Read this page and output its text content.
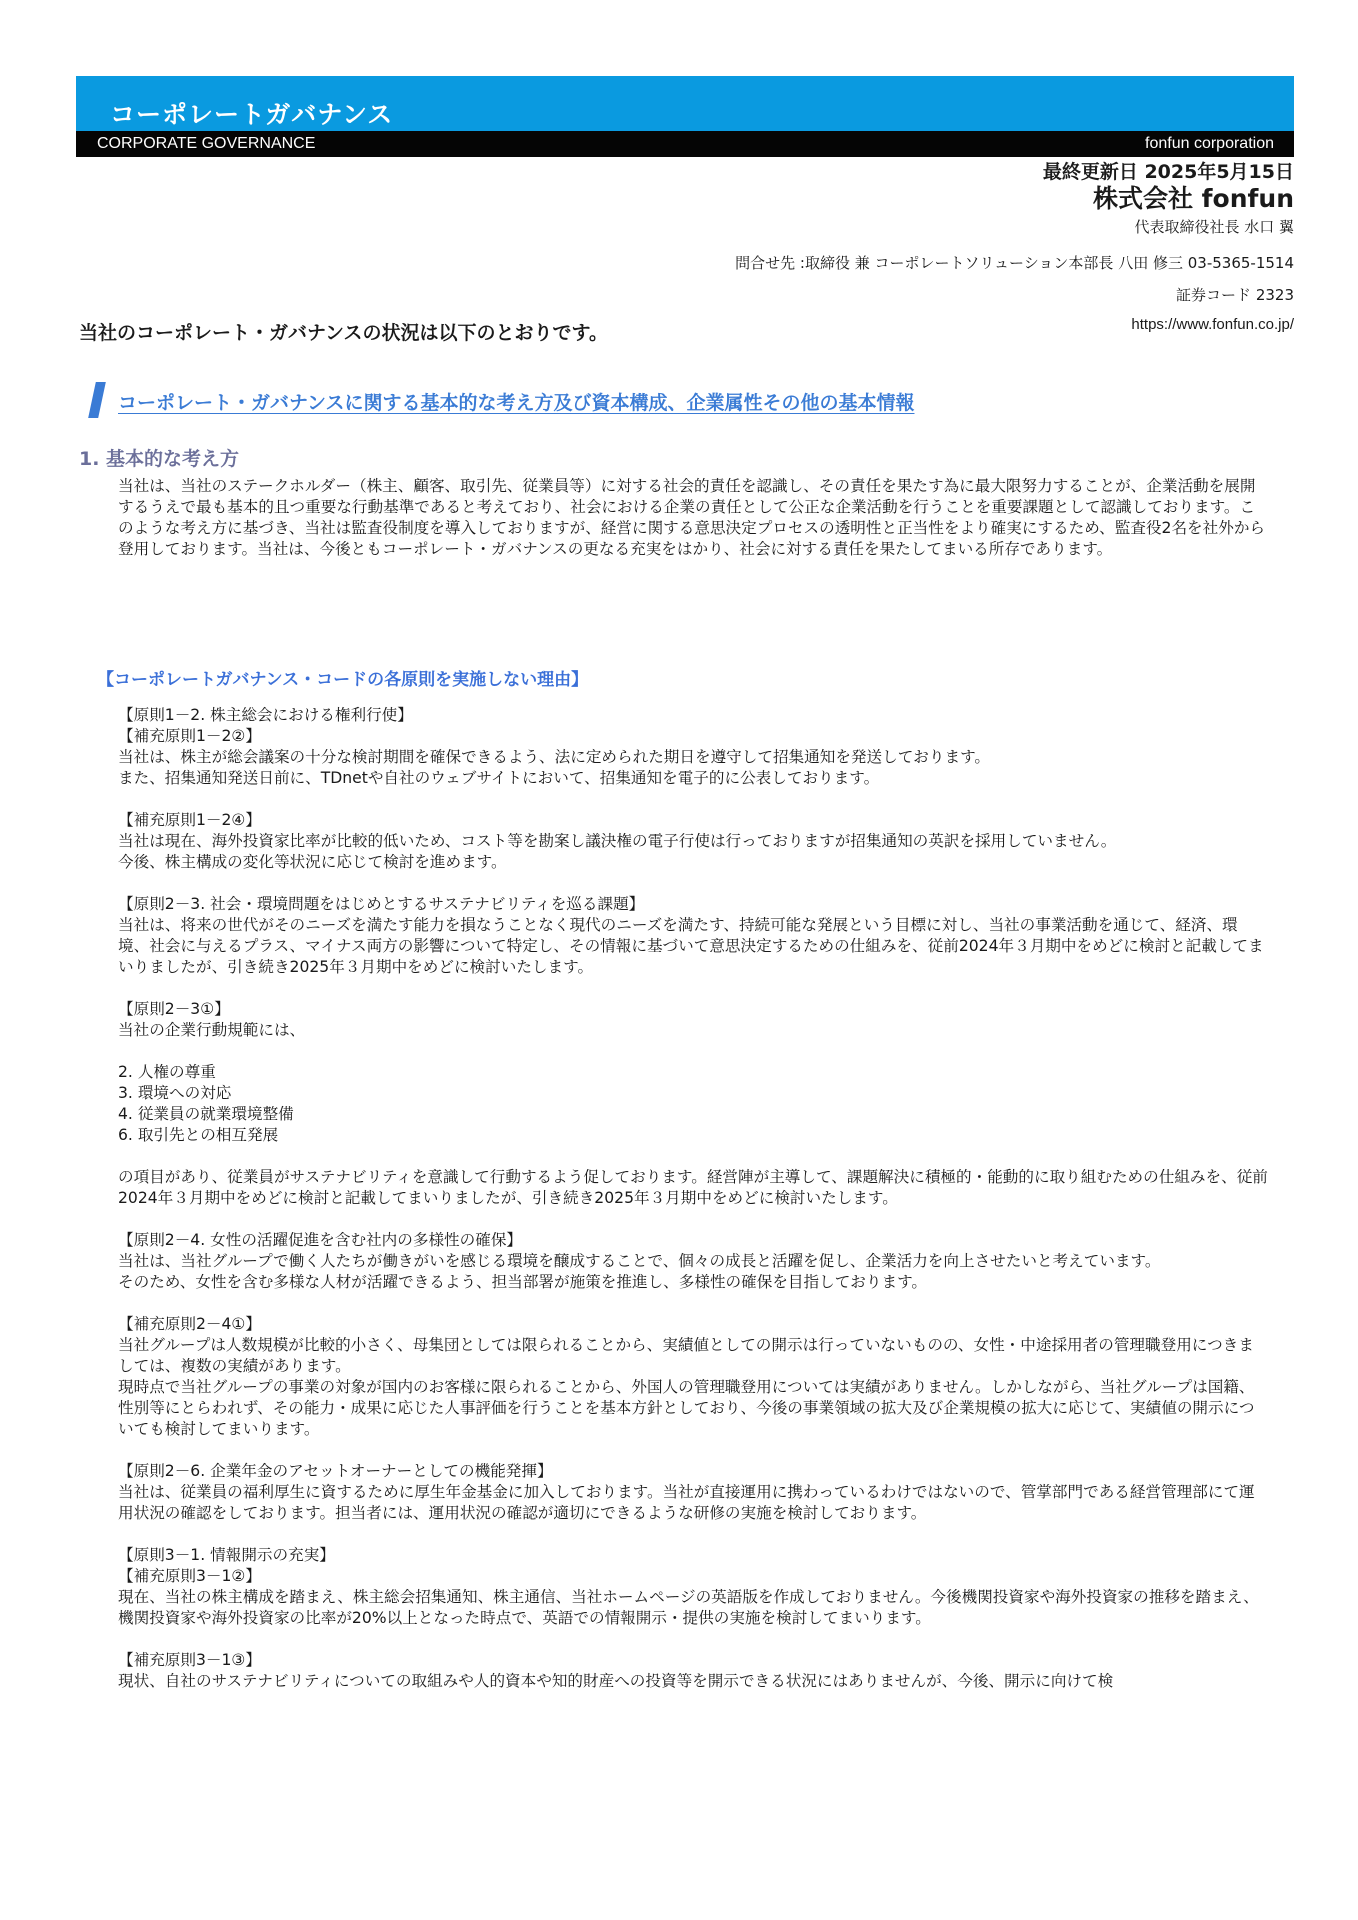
コーポレートガバナンス
CORPORATE GOVERNANCE	fonfun corporation
最終更新日 2025年5月15日
株式会社 fonfun
代表取締役社長 水口 翼
問合せ先 :取締役 兼 コーポレートソリューション本部長 八田 修三 03-5365-1514
証券コード 2323
https://www.fonfun.co.jp/
当社のコーポレート・ガバナンスの状況は以下のとおりです。
コーポレート・ガバナンスに関する基本的な考え方及び資本構成、企業属性その他の基本情報
1. 基本的な考え方

当社は、当社のステークホルダー（株主、顧客、取引先、従業員等）に対する社会的責任を認識し、その責任を果たす為に最大限努力することが、企業活動を展開するうえで最も基本的且つ重要な行動基準であると考えており、社会における企業の責任として公正な企業活動を行うことを重要課題として認識しております。このような考え方に基づき、当社は監査役制度を導入しておりますが、経営に関する意思決定プロセスの透明性と正当性をより確実にするため、監査役2名を社外から登用しております。当社は、今後ともコーポレート・ガバナンスの更なる充実をはかり、社会に対する責任を果たしてまいる所存であります。

【コーポレートガバナンス・コードの各原則を実施しない理由】
【原則1－2. 株主総会における権利行使】
【補充原則1－2②】
当社は、株主が総会議案の十分な検討期間を確保できるよう、法に定められた期日を遵守して招集通知を発送しております。
また、招集通知発送日前に、TDnetや自社のウェブサイトにおいて、招集通知を電子的に公表しております。
【補充原則1－2④】
当社は現在、海外投資家比率が比較的低いため、コスト等を勘案し議決権の電子行使は行っておりますが招集通知の英訳を採用していません。
今後、株主構成の変化等状況に応じて検討を進めます。
【原則2－3. 社会・環境問題をはじめとするサステナビリティを巡る課題】
当社は、将来の世代がそのニーズを満たす能力を損なうことなく現代のニーズを満たす、持続可能な発展という目標に対し、当社の事業活動を通じて、経済、環境、社会に与えるプラス、マイナス両方の影響について特定し、その情報に基づいて意思決定するための仕組みを、従前2024年３月期中をめどに検討と記載してまいりましたが、引き続き2025年３月期中をめどに検討いたします。
【原則2－3①】
当社の企業行動規範には、
2. 人権の尊重
3. 環境への対応
4. 従業員の就業環境整備
6. 取引先との相互発展
の項目があり、従業員がサステナビリティを意識して行動するよう促しております。経営陣が主導して、課題解決に積極的・能動的に取り組むための仕組みを、従前2024年３月期中をめどに検討と記載してまいりましたが、引き続き2025年３月期中をめどに検討いたします。
【原則2－4. 女性の活躍促進を含む社内の多様性の確保】
当社は、当社グループで働く人たちが働きがいを感じる環境を醸成することで、個々の成長と活躍を促し、企業活力を向上させたいと考えています。
そのため、女性を含む多様な人材が活躍できるよう、担当部署が施策を推進し、多様性の確保を目指しております。
【補充原則2－4①】
当社グループは人数規模が比較的小さく、母集団としては限られることから、実績値としての開示は行っていないものの、女性・中途採用者の管理職登用につきましては、複数の実績があります。
現時点で当社グループの事業の対象が国内のお客様に限られることから、外国人の管理職登用については実績がありません。しかしながら、当社グループは国籍、性別等にとらわれず、その能力・成果に応じた人事評価を行うことを基本方針としており、今後の事業領域の拡大及び企業規模の拡大に応じて、実績値の開示についても検討してまいります。
【原則2－6. 企業年金のアセットオーナーとしての機能発揮】
当社は、従業員の福利厚生に資するために厚生年金基金に加入しております。当社が直接運用に携わっているわけではないので、管掌部門である経営管理部にて運用状況の確認をしております。担当者には、運用状況の確認が適切にできるような研修の実施を検討しております。
【原則3－1. 情報開示の充実】
【補充原則3－1②】
現在、当社の株主構成を踏まえ、株主総会招集通知、株主通信、当社ホームページの英語版を作成しておりません。今後機関投資家や海外投資家の推移を踏まえ、機関投資家や海外投資家の比率が20%以上となった時点で、英語での情報開示・提供の実施を検討してまいります。
【補充原則3－1③】
現状、自社のサステナビリティについての取組みや人的資本や知的財産への投資等を開示できる状況にはありませんが、今後、開示に向けて検
